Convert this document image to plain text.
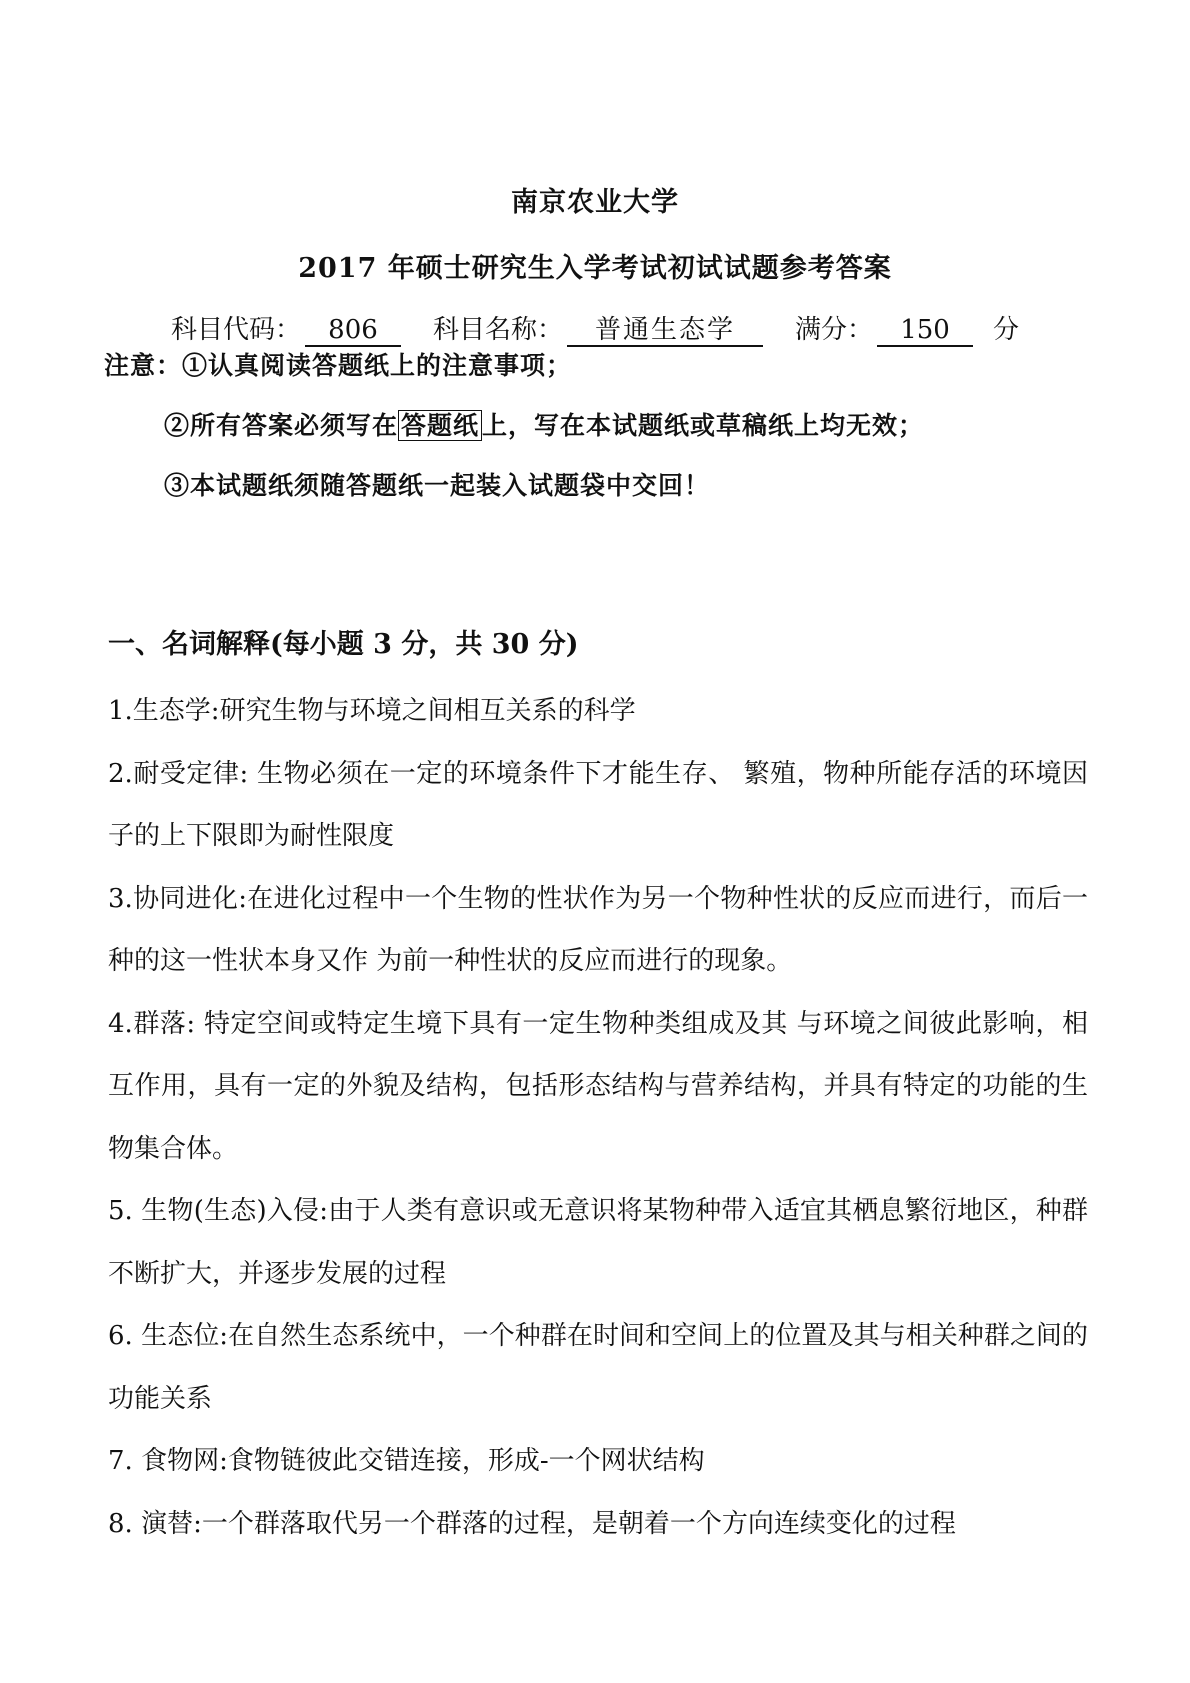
南京农业大学
2017 年硕士研究生入学考试初试试题参考答案
科目代码： 806 科目名称： 普通生态学 满分： 150 分
注意：①认真阅读答题纸上的注意事项；
②所有答案必须写在 答题纸 上，写在本试题纸或草稿纸上均无效；
③本试题纸须随答题纸一起装入试题袋中交回！
一、名词解释(每小题 3 分，共 30 分)

1.生态学:研究生物与环境之间相互关系的科学

2.耐受定律: 生物必须在一定的环境条件下才能生存、 繁殖，物种所能存活的环境因子的上下限即为耐性限度

3.协同进化:在进化过程中一个生物的性状作为另一个物种性状的反应而进行，而后一种的这一性状本身又作 为前一种性状的反应而进行的现象。

4.群落: 特定空间或特定生境下具有一定生物种类组成及其 与环境之间彼此影响，相互作用，具有一定的外貌及结构，包括形态结构与营养结构，并具有特定的功能的生物集合体。

5. 生物(生态)入侵:由于人类有意识或无意识将某物种带入适宜其栖息繁衍地区，种群不断扩大，并逐步发展的过程

6. 生态位:在自然生态系统中，一个种群在时间和空间上的位置及其与相关种群之间的功能关系

7. 食物网:食物链彼此交错连接，形成-一个网状结构

8. 演替:一个群落取代另一个群落的过程，是朝着一个方向连续变化的过程
